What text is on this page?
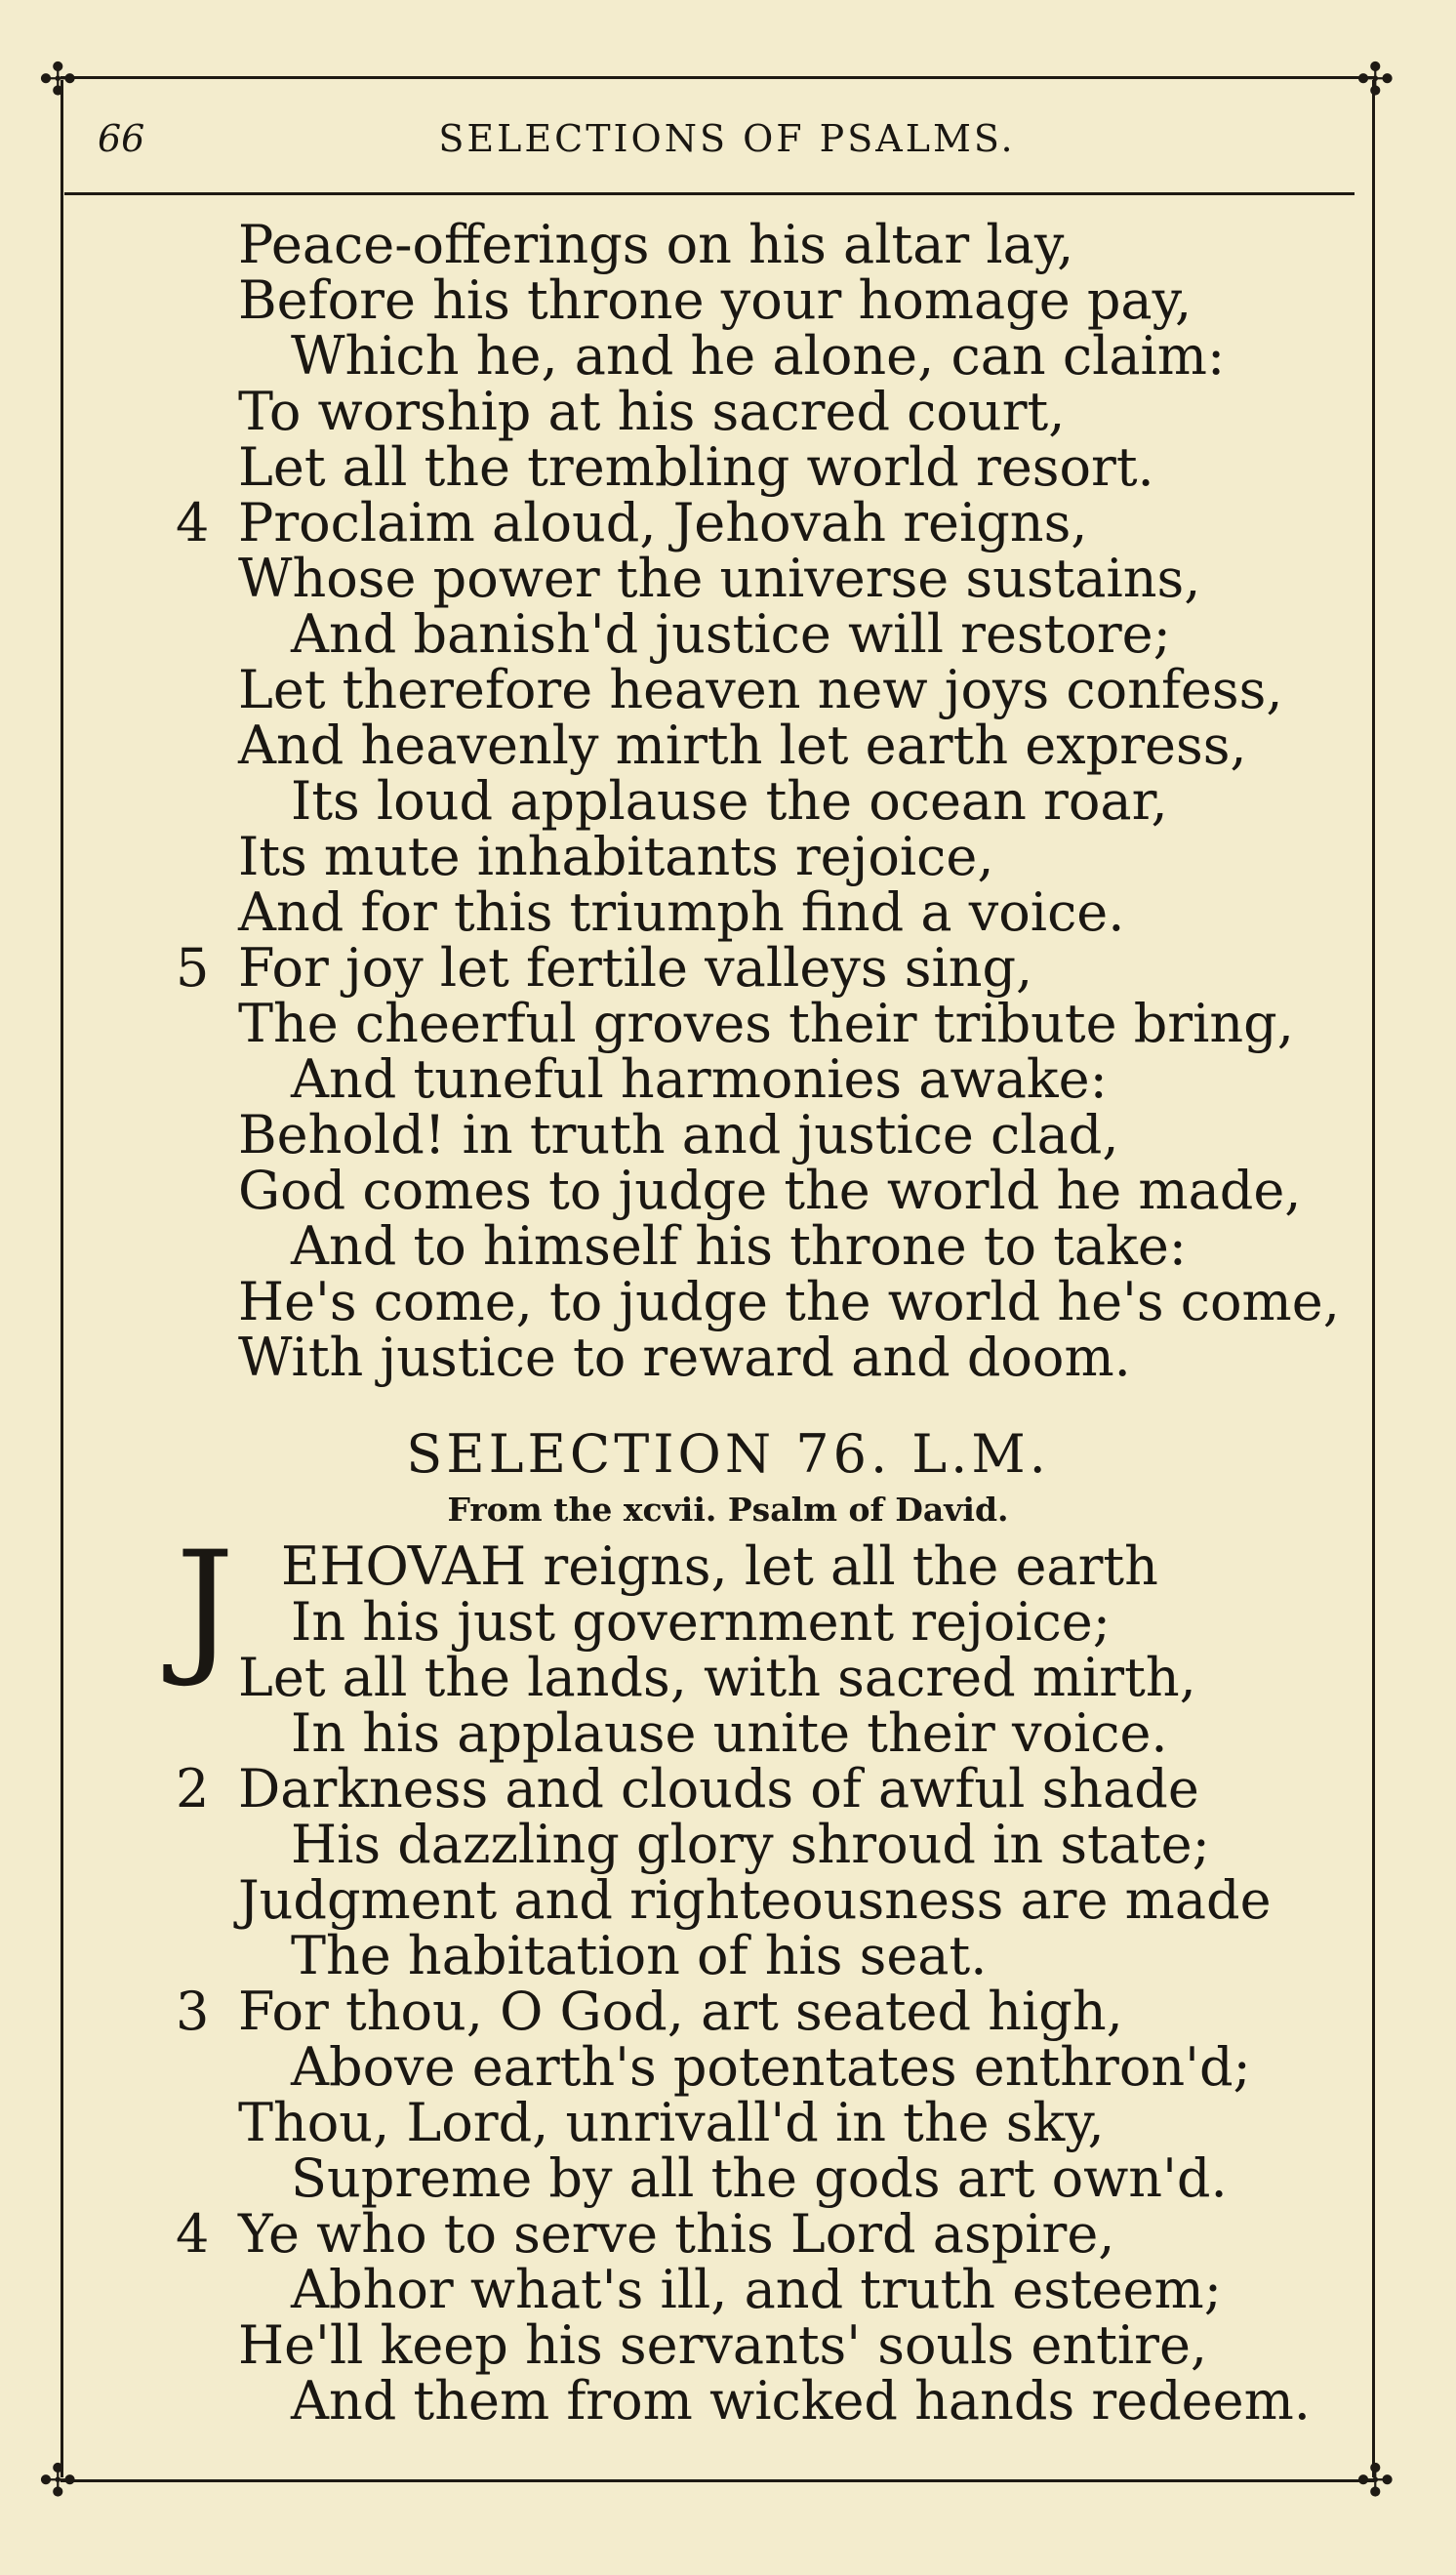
✣	✣
✣	✣
66	SELECTIONS OF PSALMS.
Peace-offerings on his altar lay,
Before his throne your homage pay,
Which he, and he alone, can claim:
To worship at his sacred court,
Let all the trembling world resort.
4 Proclaim aloud, Jehovah reigns,
Whose power the universe sustains,
And banish'd justice will restore;
Let therefore heaven new joys confess,
And heavenly mirth let earth express,
Its loud applause the ocean roar,
Its mute inhabitants rejoice,
And for this triumph find a voice.
5 For joy let fertile valleys sing,
The cheerful groves their tribute bring,
And tuneful harmonies awake:
Behold! in truth and justice clad,
God comes to judge the world he made,
And to himself his throne to take:
He's come, to judge the world he's come,
With justice to reward and doom.
SELECTION 76. L.M.
From the xcvii. Psalm of David.
J EHOVAH reigns, let all the earth
In his just government rejoice;
Let all the lands, with sacred mirth,
In his applause unite their voice.
2 Darkness and clouds of awful shade
His dazzling glory shroud in state;
Judgment and righteousness are made
The habitation of his seat.
3 For thou, O God, art seated high,
Above earth's potentates enthron'd;
Thou, Lord, unrivall'd in the sky,
Supreme by all the gods art own'd.
4 Ye who to serve this Lord aspire,
Abhor what's ill, and truth esteem;
He'll keep his servants' souls entire,
And them from wicked hands redeem.
